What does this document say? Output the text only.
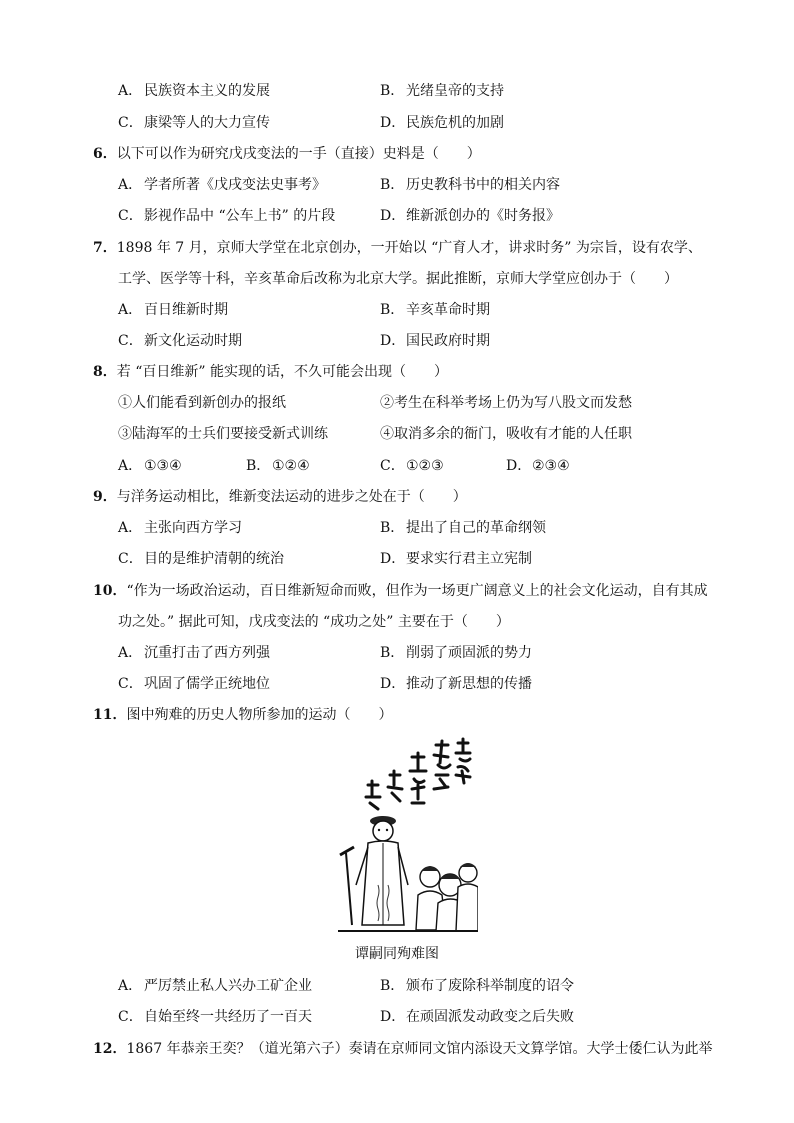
A． 民族资本主义的发展	B． 光绪皇帝的支持
C．康梁等人的大力宣传	D．民族危机的加剧
6．以下可以作为研究戊戌变法的一手（直接）史料是（　　）
A． 学者所著《戊戌变法史事考》	B． 历史教科书中的相关内容
C．影视作品中 “公车上书” 的片段	D．维新派创办的《时务报》
7．1898 年 7 月，京师大学堂在北京创办，一开始以 “广育人才，讲求时务” 为宗旨，设有农学、
工学、医学等十科，辛亥革命后改称为北京大学。据此推断，京师大学堂应创办于（　　）
A． 百日维新时期	B． 辛亥革命时期
C．新文化运动时期	D．国民政府时期
8．若 “百日维新” 能实现的话，不久可能会出现（　　）
①人们能看到新创办的报纸	②考生在科举考场上仍为写八股文而发愁
③陆海军的士兵们要接受新式训练	④取消多余的衙门，吸收有才能的人任职
A． ①③④	B． ①②④	C．①②③	D．②③④
9．与洋务运动相比，维新变法运动的进步之处在于（　　）
A． 主张向西方学习	B． 提出了自己的革命纲领
C．目的是维护清朝的统治	D．要求实行君主立宪制
10．“作为一场政治运动，百日维新短命而败，但作为一场更广阔意义上的社会文化运动，自有其成
功之处。” 据此可知，戊戌变法的 “成功之处” 主要在于（　　）
A． 沉重打击了西方列强	B． 削弱了顽固派的势力
C．巩固了儒学正统地位	D．推动了新思想的传播
11．图中殉难的历史人物所参加的运动（　　）
谭嗣同殉难图
A． 严厉禁止私人兴办工矿企业	B． 颁布了废除科举制度的诏令
C．自始至终一共经历了一百天	D．在顽固派发动政变之后失败
12．1867 年恭亲王奕？（道光第六子）奏请在京师同文馆内添设天文算学馆。大学士倭仁认为此举
